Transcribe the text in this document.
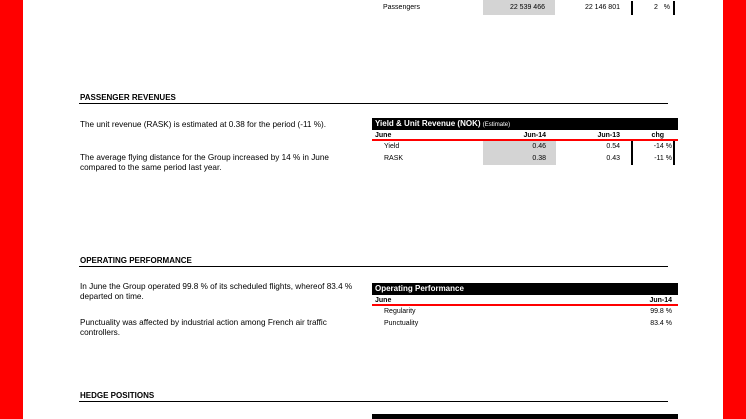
Passengers	22 539 466	22 146 801	2 %
PASSENGER REVENUES
The unit revenue (RASK) is estimated at 0.38 for the period (-11 %).
The average flying distance for the Group increased by 14 % in June compared to the same period last year.
Yield & Unit Revenue (NOK) (Estimate)
June	Jun-14	Jun-13	chg
Yield	0.46	0.54	-14 %
RASK	0.38	0.43	-11 %
OPERATING PERFORMANCE
In June the Group operated 99.8 % of its scheduled flights, whereof 83.4 % departed on time.
Punctuality was affected by industrial action among French air traffic controllers.
Operating Performance
June	Jun-14
Regularity	99.8 %
Punctuality	83.4 %
HEDGE POSITIONS
